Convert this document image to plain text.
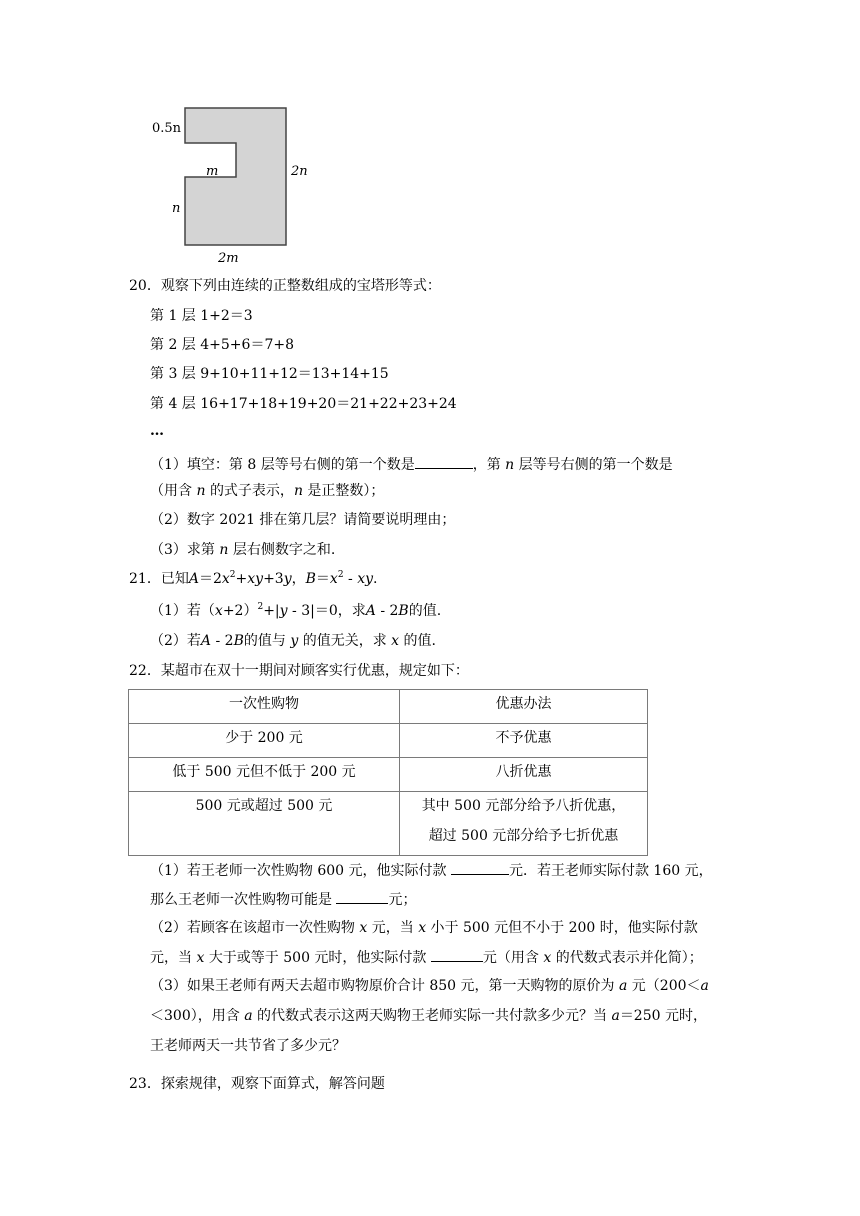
0.5n
m	2n
n
2m
20．观察下列由连续的正整数组成的宝塔形等式：
第 1 层 1+2＝3
第 2 层 4+5+6＝7+8
第 3 层 9+10+11+12＝13+14+15
第 4 层 16+17+18+19+20＝21+22+23+24
…
（1）填空：第 8 层等号右侧的第一个数是	，第 n 层等号右侧的第一个数是
（用含 n 的式子表示，n 是正整数）；
（2）数字 2021 排在第几层？请简要说明理由；
（3）求第 n 层右侧数字之和.
21．已知$A=2x^2+xy+3y$，$B=x^2$ ‑ xy.
（1）若$(x+2)^2+|y$ ‑ 3|＝0，求A ‑ 2B的值.
（2）若A ‑ 2B的值与 y 的值无关，求 x 的值.
22．某超市在双十一期间对顾客实行优惠，规定如下：
一次性购物	优惠办法
少于 200 元	不予优惠
低于 500 元但不低于 200 元	八折优惠
500 元或超过 500 元	其中 500 元部分给予八折优惠，
超过 500 元部分给予七折优惠
（1）若王老师一次性购物 600 元，他实际付款	元．若王老师实际付款 160 元，
那么王老师一次性购物可能是	元；
（2）若顾客在该超市一次性购物 x 元，当 x 小于 500 元但不小于 200 时，他实际付款
元，当 x 大于或等于 500 元时，他实际付款	元（用含 x 的代数式表示并化简）；
（3）如果王老师有两天去超市购物原价合计 850 元，第一天购物的原价为 a 元（200＜a
＜300），用含 a 的代数式表示这两天购物王老师实际一共付款多少元？当 a＝250 元时，
王老师两天一共节省了多少元？
23．探索规律，观察下面算式，解答问题
